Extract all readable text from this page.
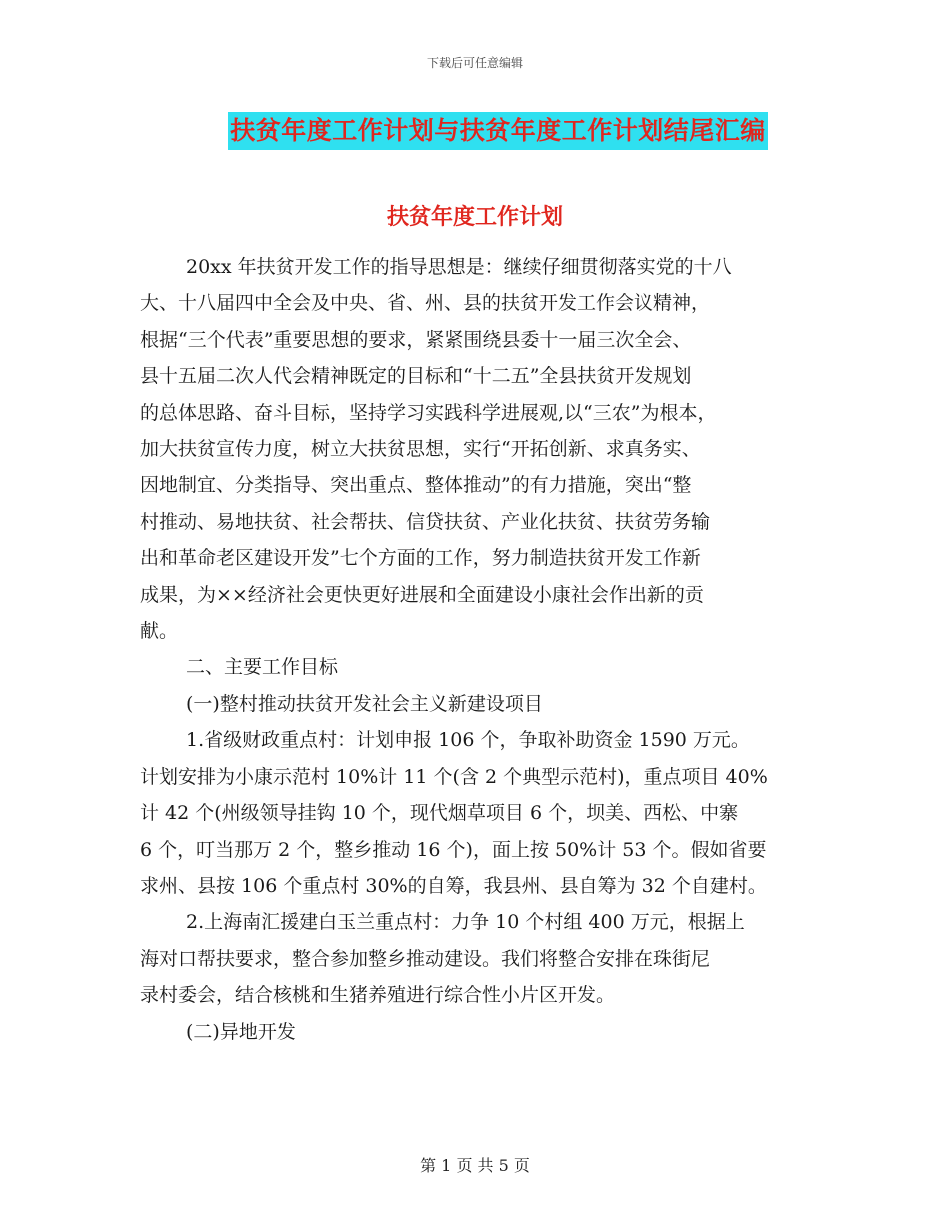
下载后可任意编辑
扶贫年度工作计划与扶贫年度工作计划结尾汇编
扶贫年度工作计划
20xx 年扶贫开发工作的指导思想是：继续仔细贯彻落实党的十八
大、十八届四中全会及中央、省、州、县的扶贫开发工作会议精神，
根据“三个代表”重要思想的要求，紧紧围绕县委十一届三次全会、
县十五届二次人代会精神既定的目标和“十二五”全县扶贫开发规划
的总体思路、奋斗目标，坚持学习实践科学进展观,以“三农”为根本，
加大扶贫宣传力度，树立大扶贫思想，实行“开拓创新、求真务实、
因地制宜、分类指导、突出重点、整体推动”的有力措施，突出“整
村推动、易地扶贫、社会帮扶、信贷扶贫、产业化扶贫、扶贫劳务输
出和革命老区建设开发”七个方面的工作，努力制造扶贫开发工作新
成果，为××经济社会更快更好进展和全面建设小康社会作出新的贡
献。
二、主要工作目标
(一)整村推动扶贫开发社会主义新建设项目
1.省级财政重点村：计划申报 106 个，争取补助资金 1590 万元。
计划安排为小康示范村 10%计 11 个(含 2 个典型示范村)，重点项目 40%
计 42 个(州级领导挂钩 10 个，现代烟草项目 6 个，坝美、西松、中寨
6 个，叮当那万 2 个，整乡推动 16 个)，面上按 50%计 53 个。假如省要
求州、县按 106 个重点村 30%的自筹，我县州、县自筹为 32 个自建村。
2.上海南汇援建白玉兰重点村：力争 10 个村组 400 万元，根据上
海对口帮扶要求，整合参加整乡推动建设。我们将整合安排在珠街尼
录村委会，结合核桃和生猪养殖进行综合性小片区开发。
(二)异地开发
第 1 页 共 5 页
